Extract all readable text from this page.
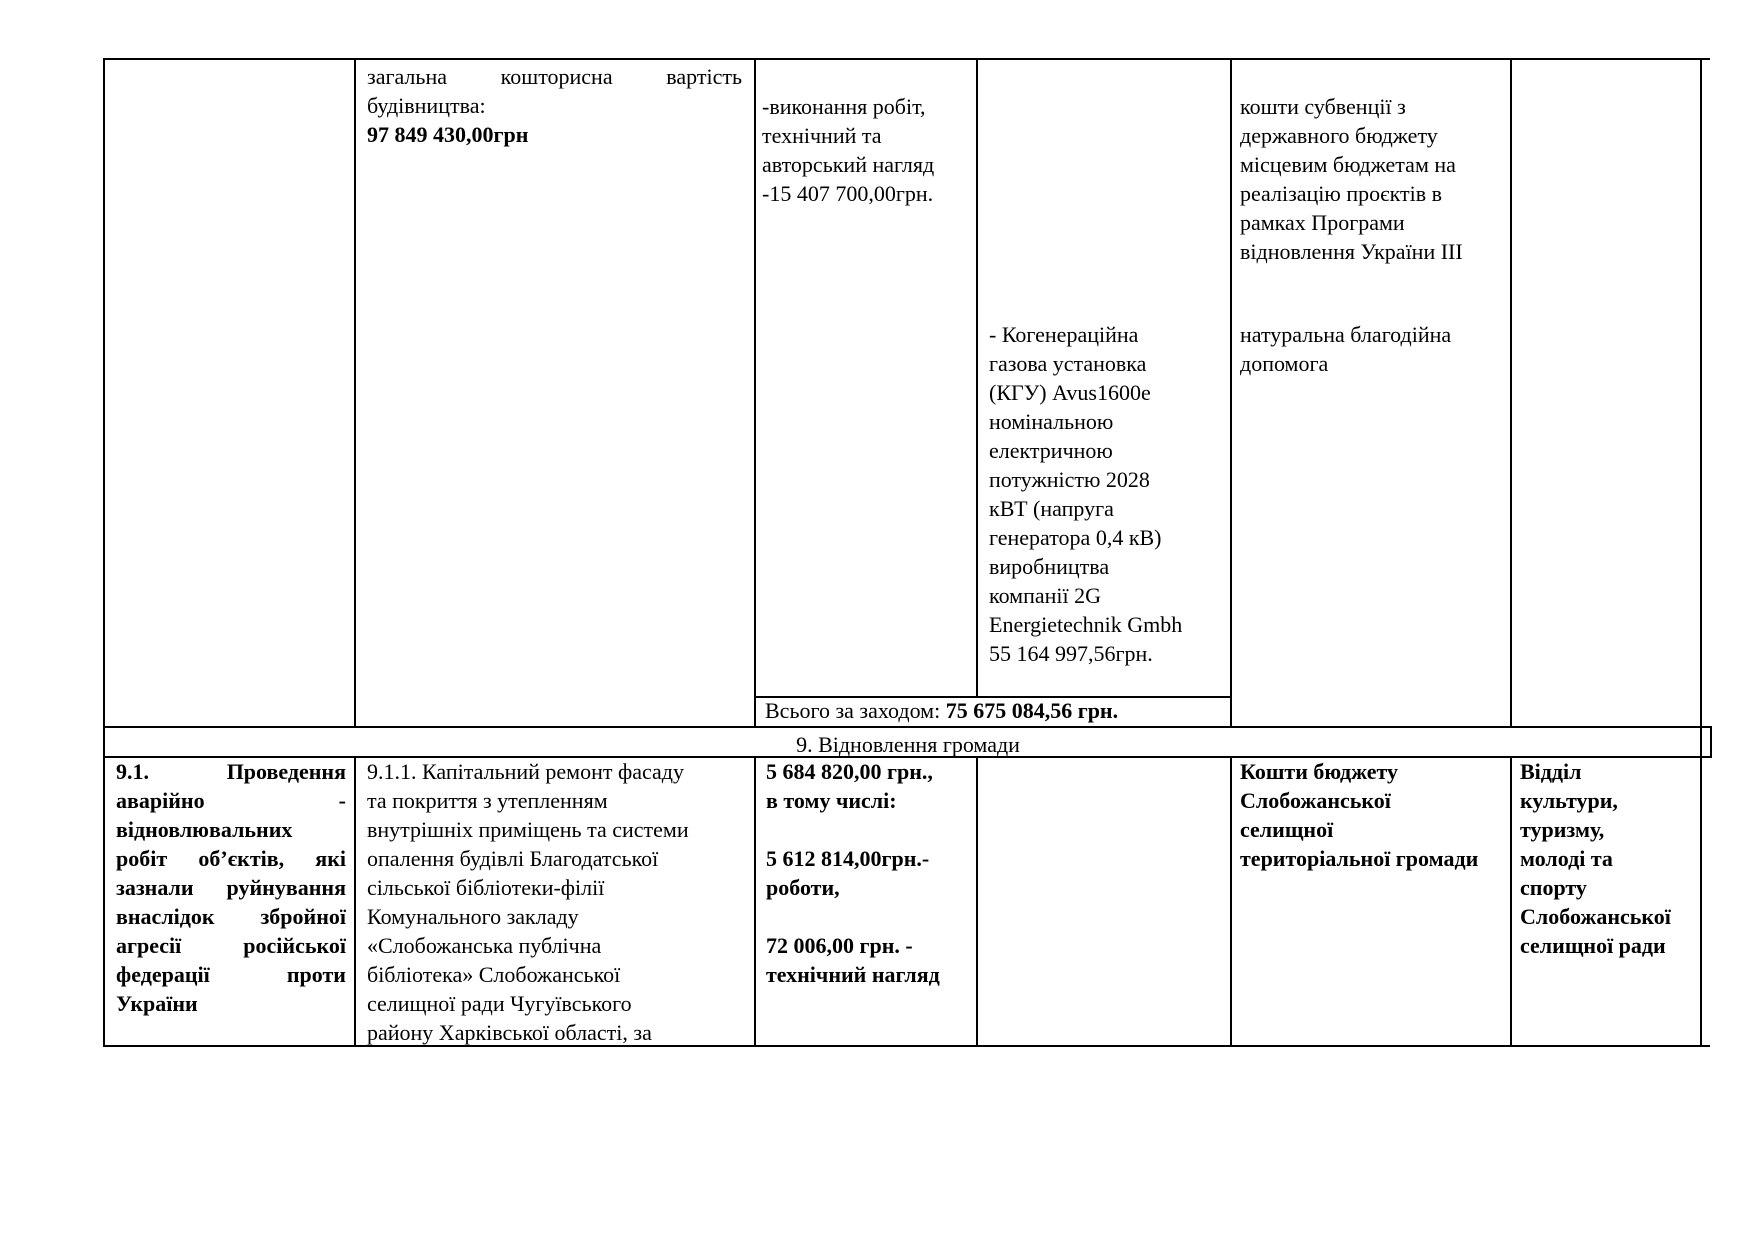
загальна кошторисна вартість
будівництва:
97 849 430,00грн
-виконання робіт,
технічний та
авторський нагляд
-15 407 700,00грн.
- Когенераційна
газова установка
(КГУ) Avus1600e
номінальною
електричною
потужністю 2028
кВТ (напруга
генератора 0,4 кВ)
виробництва
компанії 2G
Energietechnik Gmbh
55 164 997,56грн.
кошти субвенції з
державного бюджету
місцевим бюджетам на
реалізацію проєктів в
рамках Програми
відновлення України ІІІ
натуральна благодійна
допомога
Всього за заходом: 75 675 084,56 грн.
9. Відновлення громади
9.1. Проведення
аварійно -
відновлювальних
робіт об’єктів, які
зазнали руйнування
внаслідок збройної
агресії російської
федерації проти
України
9.1.1. Капітальний ремонт фасаду
та покриття з утепленням
внутрішніх приміщень та системи
опалення будівлі Благодатської
сільської бібліотеки-філії
Комунального закладу
«Слобожанська публічна
бібліотека» Слобожанської
селищної ради Чугуївського
району Харківської області, за
5 684 820,00 грн.,
в тому числі:
5 612 814,00грн.-
роботи,
72 006,00 грн. -
технічний нагляд
Кошти бюджету
Слобожанської
селищної
територіальної громади
Відділ
культури,
туризму,
молоді та
спорту
Слобожанської
селищної ради
